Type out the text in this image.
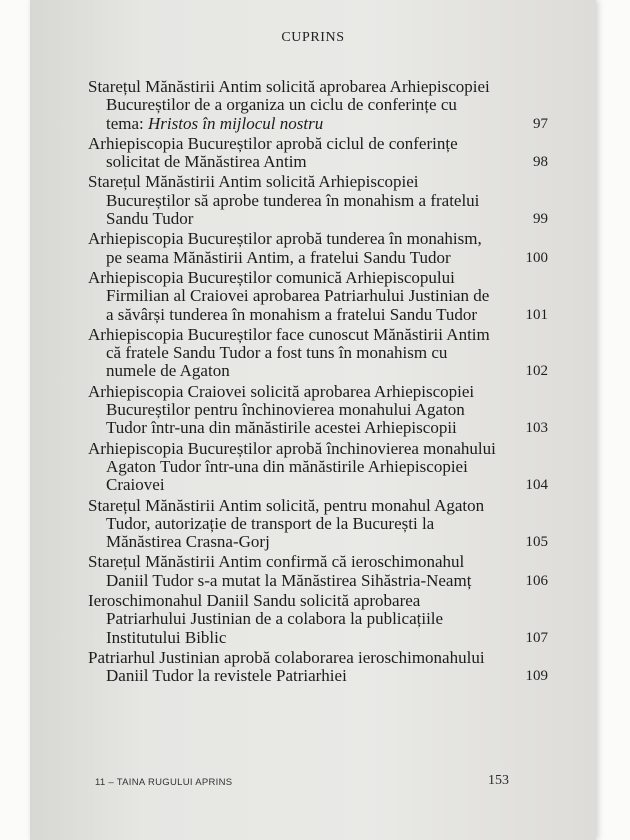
CUPRINS
Starețul Mănăstirii Antim solicită aprobarea Arhiepiscopiei Bucureștilor de a organiza un ciclu de conferințe cu tema: Hristos în mijlocul nostru	97
Arhiepiscopia Bucureștilor aprobă ciclul de conferințe solicitat de Mănăstirea Antim	98
Starețul Mănăstirii Antim solicită Arhiepiscopiei Bucureștilor să aprobe tunderea în monahism a fratelui Sandu Tudor	99
Arhiepiscopia Bucureștilor aprobă tunderea în monahism, pe seama Mănăstirii Antim, a fratelui Sandu Tudor	100
Arhiepiscopia Bucureștilor comunică Arhiepiscopului Firmilian al Craiovei aprobarea Patriarhului Justinian de a săvârși tunderea în monahism a fratelui Sandu Tudor	101
Arhiepiscopia Bucureștilor face cunoscut Mănăstirii Antim că fratele Sandu Tudor a fost tuns în monahism cu numele de Agaton	102
Arhiepiscopia Craiovei solicită aprobarea Arhiepiscopiei Bucureștilor pentru închinovierea monahului Agaton Tudor într-una din mănăstirile acestei Arhiepiscopii	103
Arhiepiscopia Bucureștilor aprobă închinovierea monahului Agaton Tudor într-una din mănăstirile Arhiepiscopiei Craiovei	104
Starețul Mănăstirii Antim solicită, pentru monahul Agaton Tudor, autorizație de transport de la București la Mănăstirea Crasna-Gorj	105
Starețul Mănăstirii Antim confirmă că ieroschimonahul Daniil Tudor s-a mutat la Mănăstirea Sihăstria-Neamț	106
Ieroschimonahul Daniil Sandu solicită aprobarea Patriarhului Justinian de a colabora la publicațiile Institutului Biblic	107
Patriarhul Justinian aprobă colaborarea ieroschimonahului Daniil Tudor la revistele Patriarhiei	109
11 – TAINA RUGULUI APRINS	153
